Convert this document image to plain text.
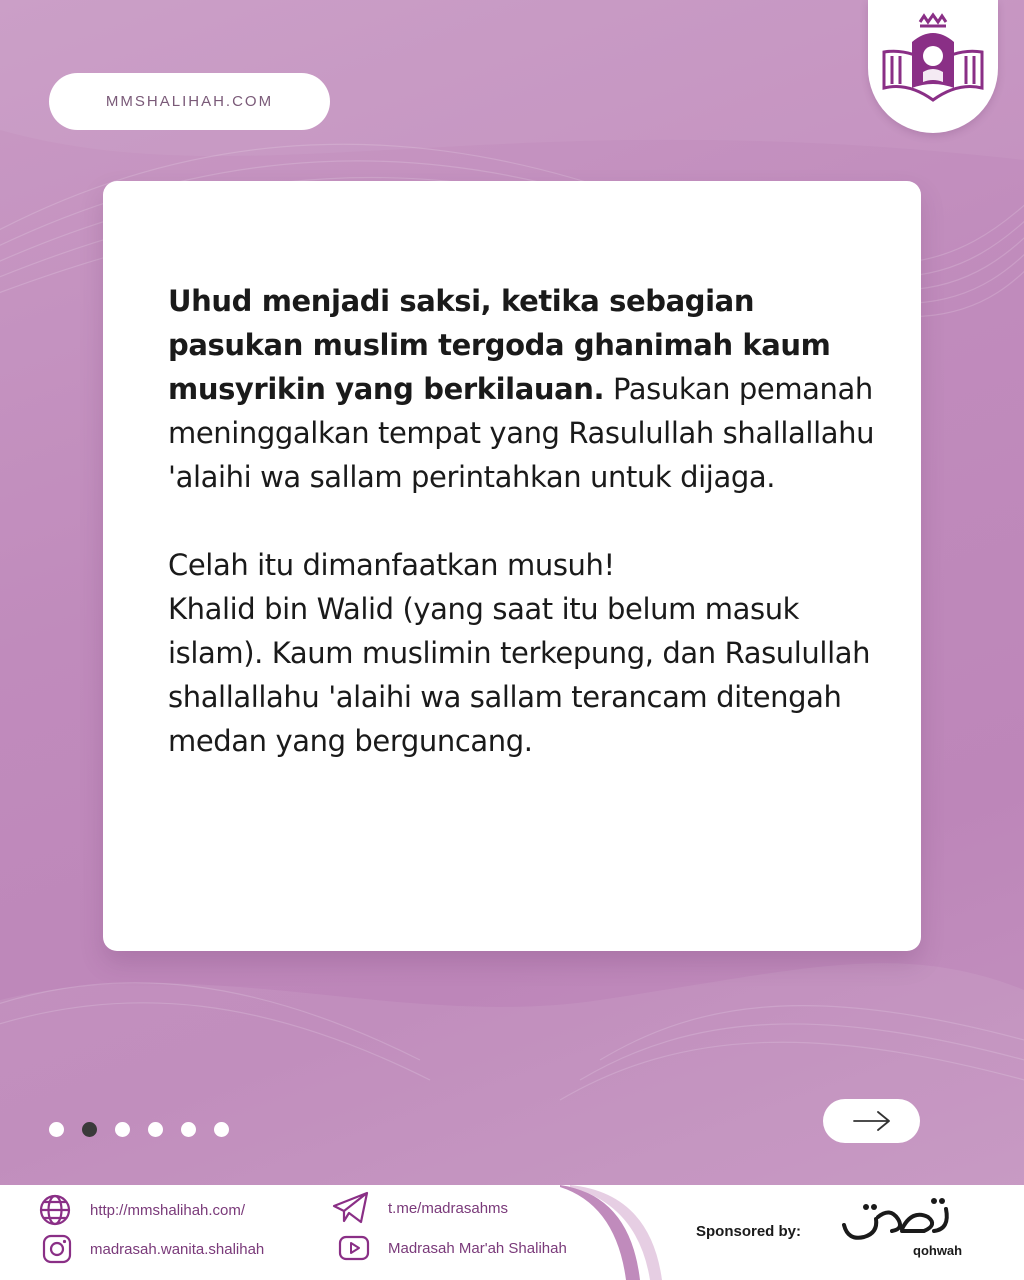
MMSHALIHAH.COM

Uhud menjadi saksi, ketika sebagian pasukan muslim tergoda ghanimah kaum musyrikin yang berkilauan. Pasukan pemanah meninggalkan tempat yang Rasulullah shallallahu 'alaihi wa sallam perintahkan untuk dijaga.

Celah itu dimanfaatkan musuh!
Khalid bin Walid (yang saat itu belum masuk islam). Kaum muslimin terkepung, dan Rasulullah shallallahu 'alaihi wa sallam terancam ditengah medan yang berguncang.

http://mmshalihah.com/
madrasah.wanita.shalihah
t.me/madrasahms
Madrasah Mar'ah Shalihah
Sponsored by:
qohwah
